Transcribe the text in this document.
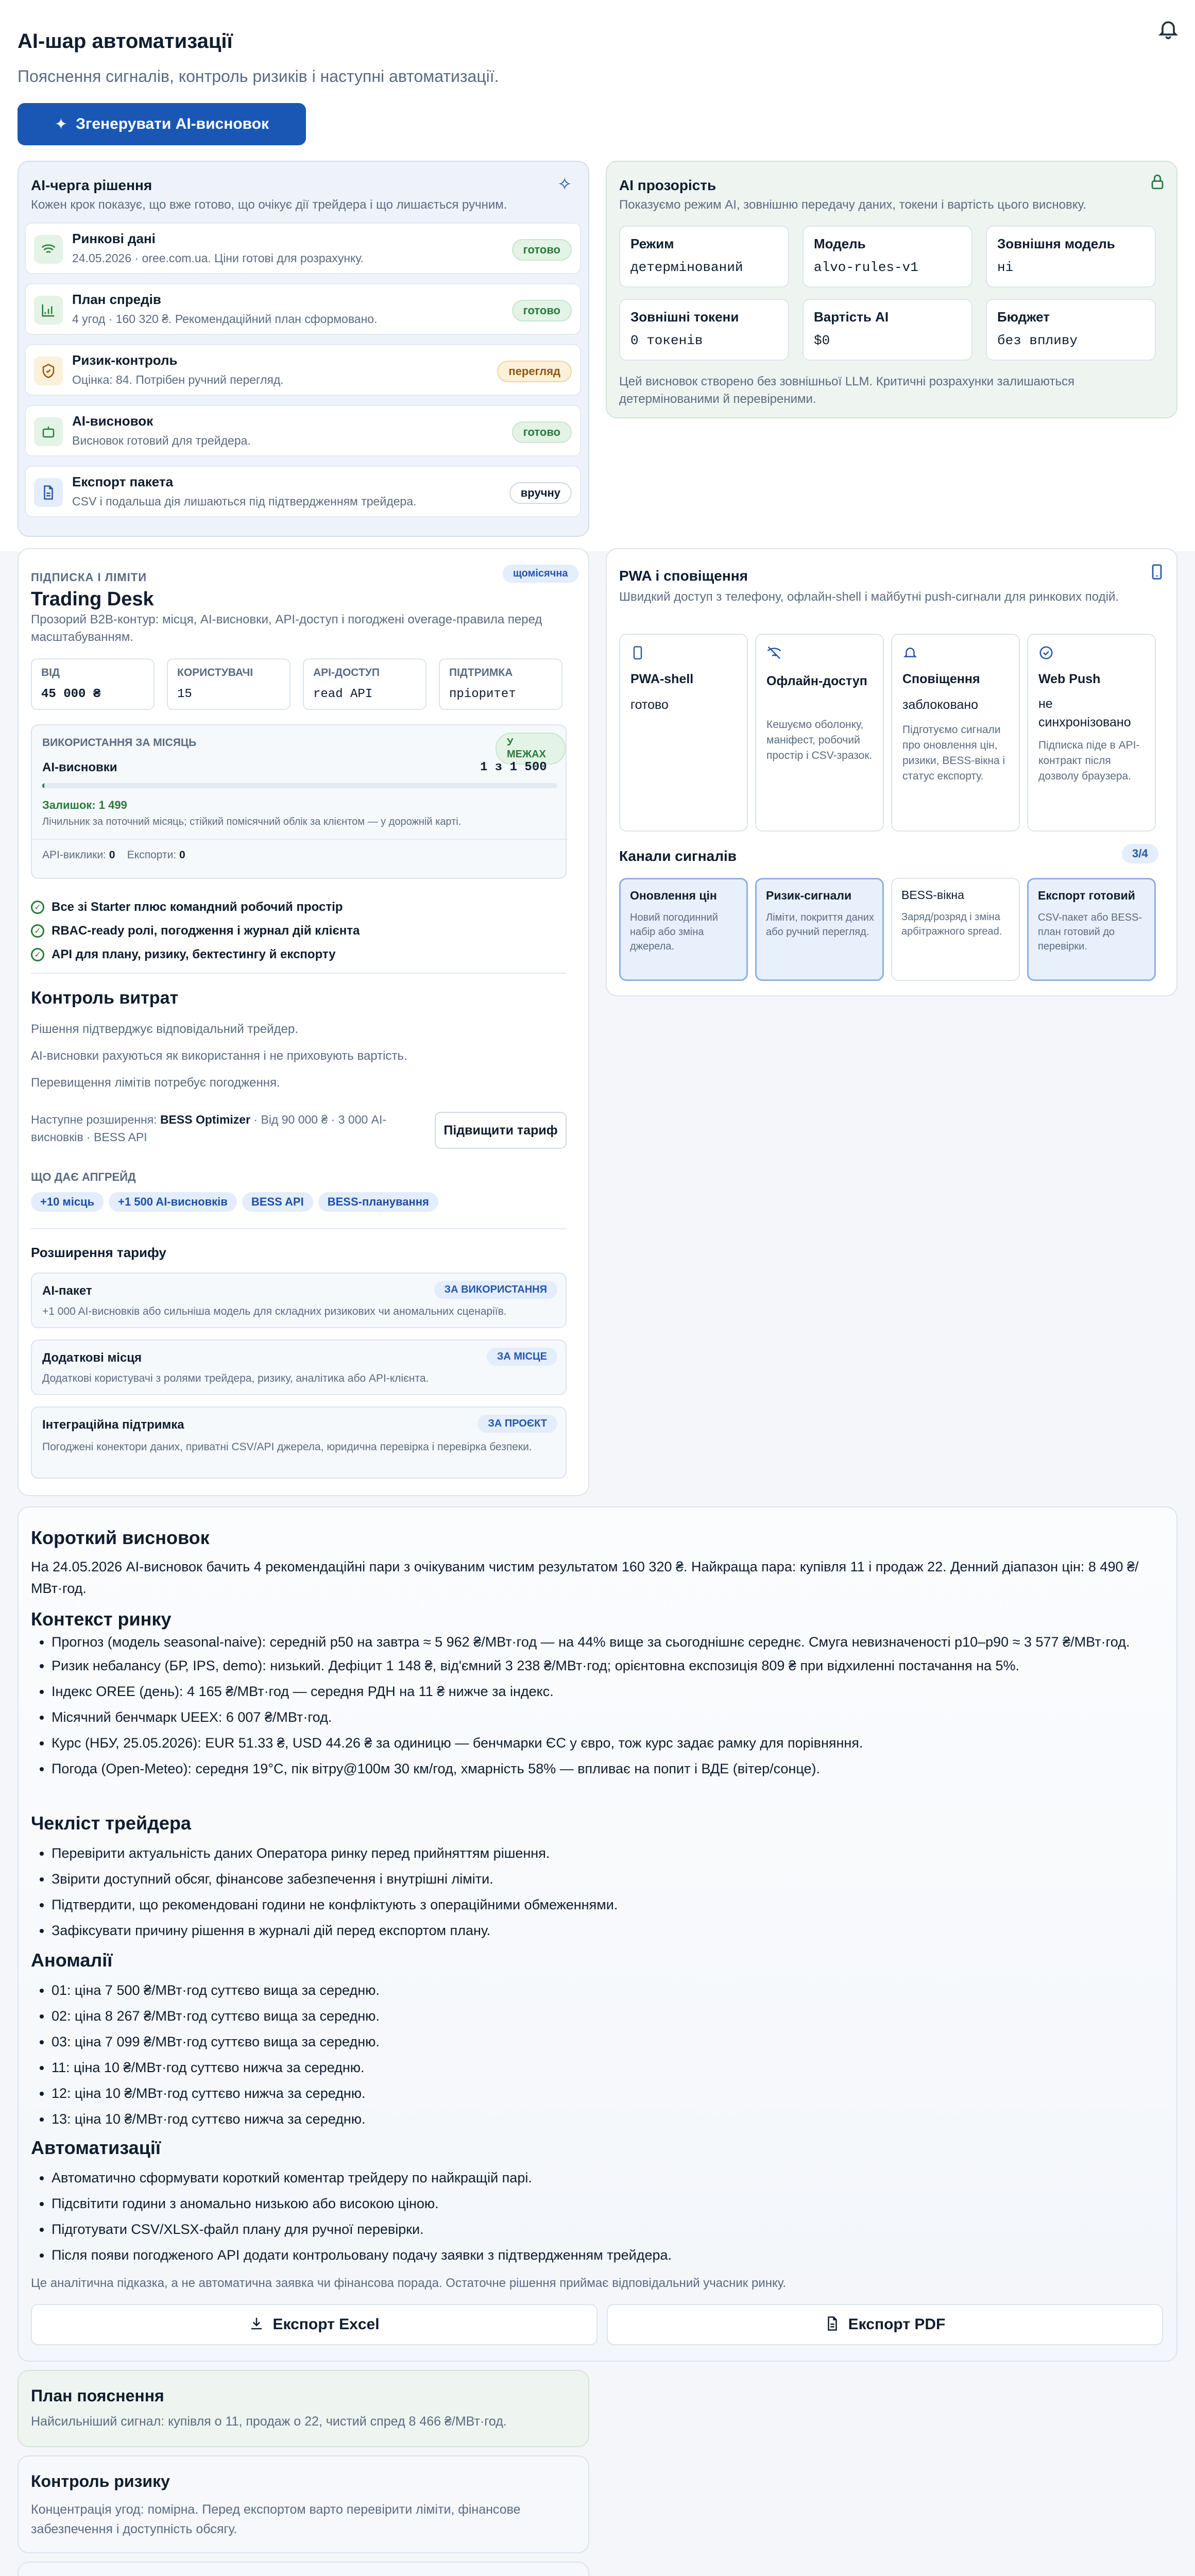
AI-шар автоматизації
Пояснення сигналів, контроль ризиків і наступні автоматизації.
✦ Згенерувати AI-висновок
AI-черга рішення
Кожен крок показує, що вже готово, що очікує дії трейдера і що лишається ручним.
✧
Ринкові дані
24.05.2026 · oree.com.ua. Ціни готові для розрахунку.
готово
План спредів
4 угод · 160 320 ₴. Рекомендаційний план сформовано.
готово
Ризик-контроль
Оцінка: 84. Потрібен ручний перегляд.
перегляд
AI-висновок
Висновок готовий для трейдера.
готово
Експорт пакета
CSV і подальша дія лишаються під підтвердженням трейдера.
вручну
AI прозорість
Показуємо режим AI, зовнішню передачу даних, токени і вартість цього висновку.
Режим
детермінований
Модель
alvo-rules-v1
Зовнішня модель
ні
Зовнішні токени
0 токенів
Вартість AI
$0
Бюджет
без впливу
Цей висновок створено без зовнішньої LLM. Критичні розрахунки залишаються детермінованими й перевіреними.
ПІДПИСКА І ЛІМІТИ	щомісячна
Trading Desk
Прозорий B2B-контур: місця, AI-висновки, API-доступ і погоджені overage-правила перед масштабуванням.
ВІД
45 000 ₴
КОРИСТУВАЧІ
15
API-ДОСТУП
read API
ПІДТРИМКА
пріоритет
ВИКОРИСТАННЯ ЗА МІСЯЦЬ	У МЕЖАХ
AI-висновки	1 з 1 500
Залишок: 1 499
Лічильник за поточний місяць; стійкий помісячний облік за клієнтом — у дорожній карті.
API-виклики: 0 Експорти: 0
✓ Все зі Starter плюс командний робочий простір
✓ RBAC-ready ролі, погодження і журнал дій клієнта
✓ API для плану, ризику, бектестингу й експорту
Контроль витрат
Рішення підтверджує відповідальний трейдер.
AI-висновки рахуються як використання і не приховують вартість.
Перевищення лімітів потребує погодження.
Наступне розширення: BESS Optimizer · Від 90 000 ₴ · 3 000 AI-висновків · BESS API	Підвищити тариф
ЩО ДАЄ АПГРЕЙД
+10 місць +1 500 AI-висновків BESS API BESS-планування
Розширення тарифу
AI-пакет	ЗА ВИКОРИСТАННЯ
+1 000 AI-висновків або сильніша модель для складних ризикових чи аномальних сценаріїв.
Додаткові місця	ЗА МІСЦЕ
Додаткові користувачі з ролями трейдера, ризику, аналітика або API-клієнта.
Інтеграційна підтримка	ЗА ПРОЄКТ
Погоджені конектори даних, приватні CSV/API джерела, юридична перевірка і перевірка безпеки.
PWA і сповіщення
Швидкий доступ з телефону, офлайн-shell і майбутні push-сигнали для ринкових подій.
PWA-shell
готово
Офлайн-доступ
Кешуємо оболонку, маніфест, робочий простір і CSV-зразок.
Сповіщення
заблоковано
Підготуємо сигнали про оновлення цін, ризики, BESS-вікна і статус експорту.
Web Push
не синхронізовано
Підписка піде в API-контракт після дозволу браузера.
Канали сигналів	3/4
Оновлення цін
Новий погодинний набір або зміна джерела.
Ризик-сигнали
Ліміти, покриття даних або ручний перегляд.
BESS-вікна
Заряд/розряд і зміна арбітражного spread.
Експорт готовий
CSV-пакет або BESS-план готовий до перевірки.
Короткий висновок
На 24.05.2026 AI-висновок бачить 4 рекомендаційні пари з очікуваним чистим результатом 160 320 ₴. Найкраща пара: купівля 11 і продаж 22. Денний діапазон цін: 8 490 ₴/МВт·год.
Контекст ринку
• Прогноз (модель seasonal-naive): середній p50 на завтра ≈ 5 962 ₴/МВт·год — на 44% вище за сьогоднішнє середнє. Смуга невизначеності p10–p90 ≈ 3 577 ₴/МВт·год.
• Ризик небалансу (БР, IPS, demo): низький. Дефіцит 1 148 ₴, від'ємний 3 238 ₴/МВт·год; орієнтовна експозиція 809 ₴ при відхиленні постачання на 5%.
• Індекс OREE (день): 4 165 ₴/МВт·год — середня РДН на 11 ₴ нижче за індекс.
• Місячний бенчмарк UEEX: 6 007 ₴/МВт·год.
• Курс (НБУ, 25.05.2026): EUR 51.33 ₴, USD 44.26 ₴ за одиницю — бенчмарки ЄС у євро, тож курс задає рамку для порівняння.
• Погода (Open-Meteo): середня 19°C, пік вітру@100м 30 км/год, хмарність 58% — впливає на попит і ВДЕ (вітер/сонце).
Чекліст трейдера
• Перевірити актуальність даних Оператора ринку перед прийняттям рішення.
• Звірити доступний обсяг, фінансове забезпечення і внутрішні ліміти.
• Підтвердити, що рекомендовані години не конфліктують з операційними обмеженнями.
• Зафіксувати причину рішення в журналі дій перед експортом плану.
Аномалії
• 01: ціна 7 500 ₴/МВт·год суттєво вища за середню.
• 02: ціна 8 267 ₴/МВт·год суттєво вища за середню.
• 03: ціна 7 099 ₴/МВт·год суттєво вища за середню.
• 11: ціна 10 ₴/МВт·год суттєво нижча за середню.
• 12: ціна 10 ₴/МВт·год суттєво нижча за середню.
• 13: ціна 10 ₴/МВт·год суттєво нижча за середню.
Автоматизації
• Автоматично сформувати короткий коментар трейдеру по найкращій парі.
• Підсвітити години з аномально низькою або високою ціною.
• Підготувати CSV/XLSX-файл плану для ручної перевірки.
• Після появи погодженого API додати контрольовану подачу заявки з підтвердженням трейдера.
Це аналітична підказка, а не автоматична заявка чи фінансова порада. Остаточне рішення приймає відповідальний учасник ринку.
Експорт Excel	Експорт PDF
План пояснення
Найсильніший сигнал: купівля о 11, продаж о 22, чистий спред 8 466 ₴/МВт·год.
Контроль ризику
Концентрація угод: помірна. Перед експортом варто перевірити ліміти, фінансове забезпечення і доступність обсягу.
